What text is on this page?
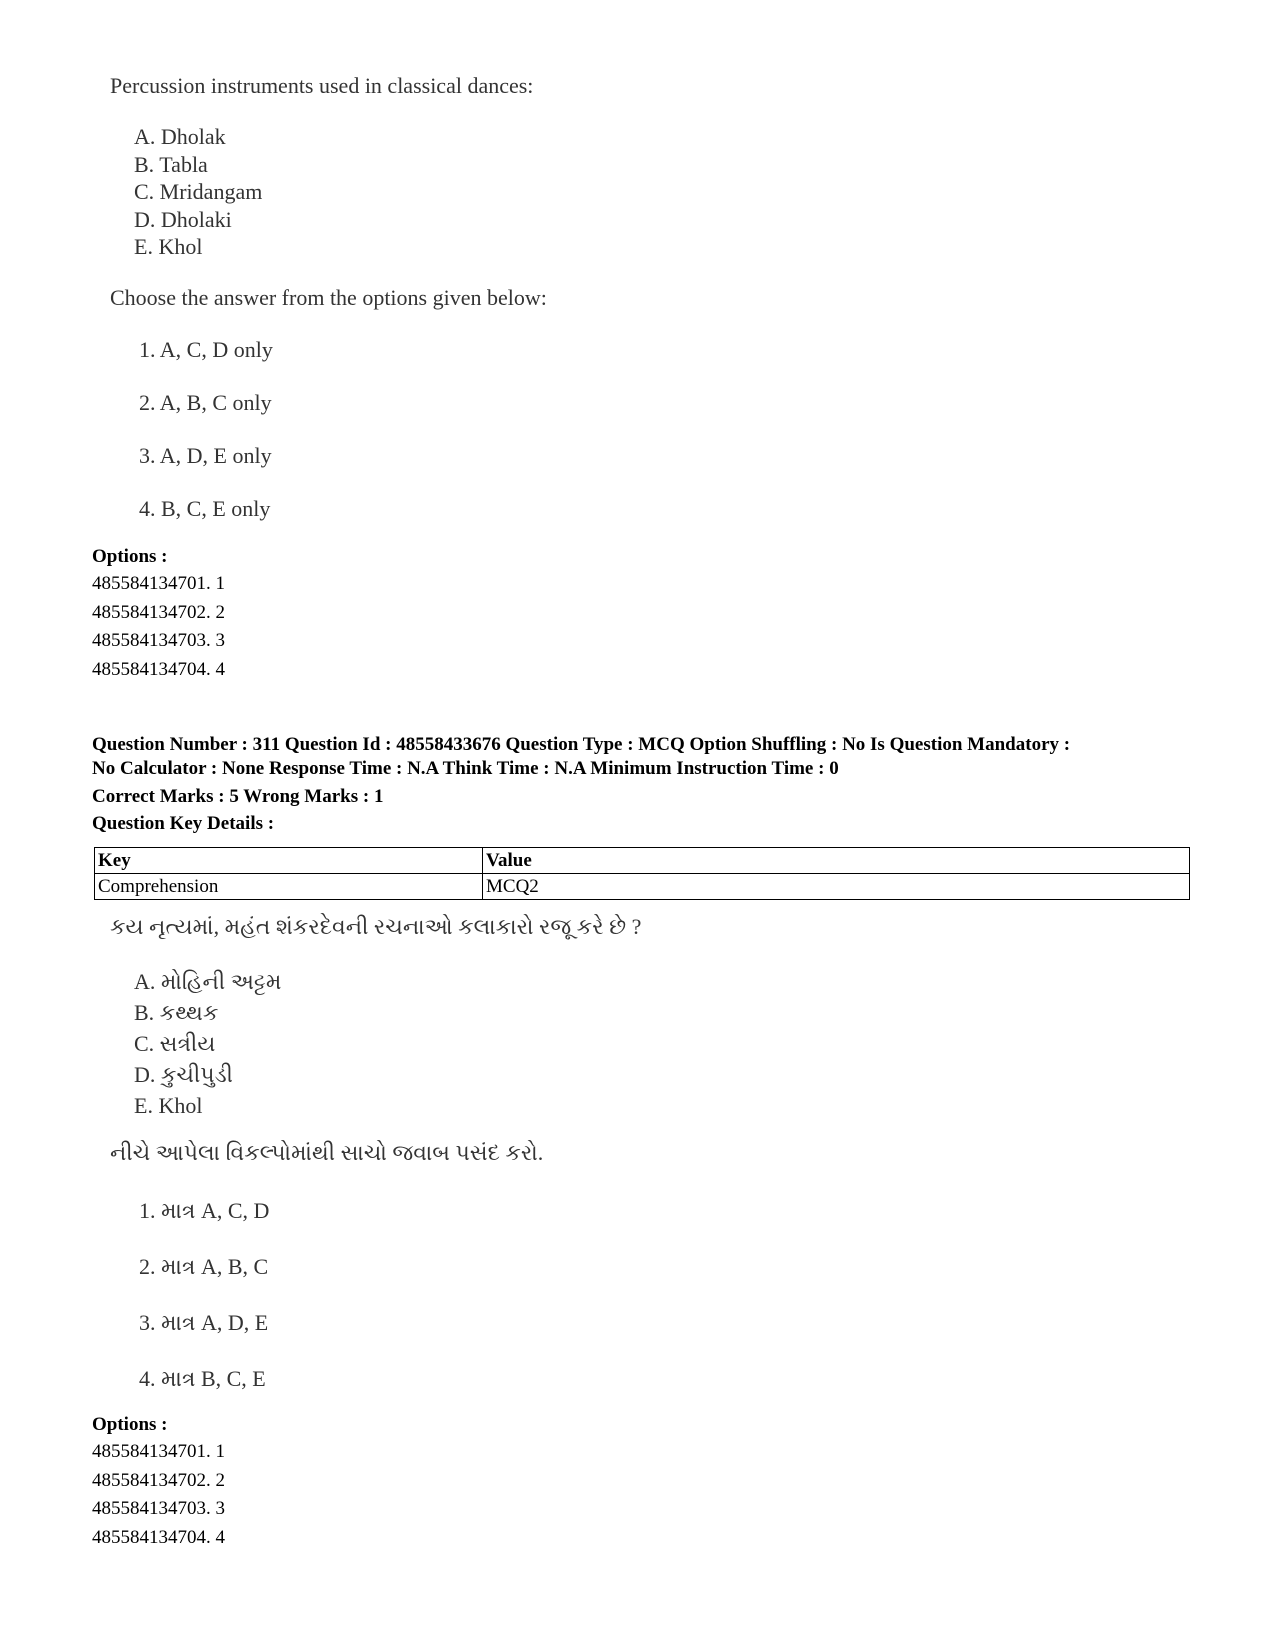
Percussion instruments used in classical dances:
A. Dholak
B. Tabla
C. Mridangam
D. Dholaki
E. Khol
Choose the answer from the options given below:
1. A, C, D only
2. A, B, C only
3. A, D, E only
4. B, C, E only
Options :
485584134701. 1
485584134702. 2
485584134703. 3
485584134704. 4
Question Number : 311 Question Id : 48558433676 Question Type : MCQ Option Shuffling : No Is Question Mandatory :
No Calculator : None Response Time : N.A Think Time : N.A Minimum Instruction Time : 0
Correct Marks : 5 Wrong Marks : 1
Question Key Details :
Key	Value
Comprehension	MCQ2
કય નૃત્યમાં, મહંત શંકરદેવની રચનાઓ કલાકારો રજૂ કરે છે ?
A. મોહિની અટ્ટમ
B. કથ્થક
C. સત્રીય
D. કુચીપુડી
E. Khol
નીચે આપેલા વિકલ્પોમાંથી સાચો જવાબ પસંદ કરો.
1. માત્ર A, C, D
2. માત્ર A, B, C
3. માત્ર A, D, E
4. માત્ર B, C, E
Options :
485584134701. 1
485584134702. 2
485584134703. 3
485584134704. 4
